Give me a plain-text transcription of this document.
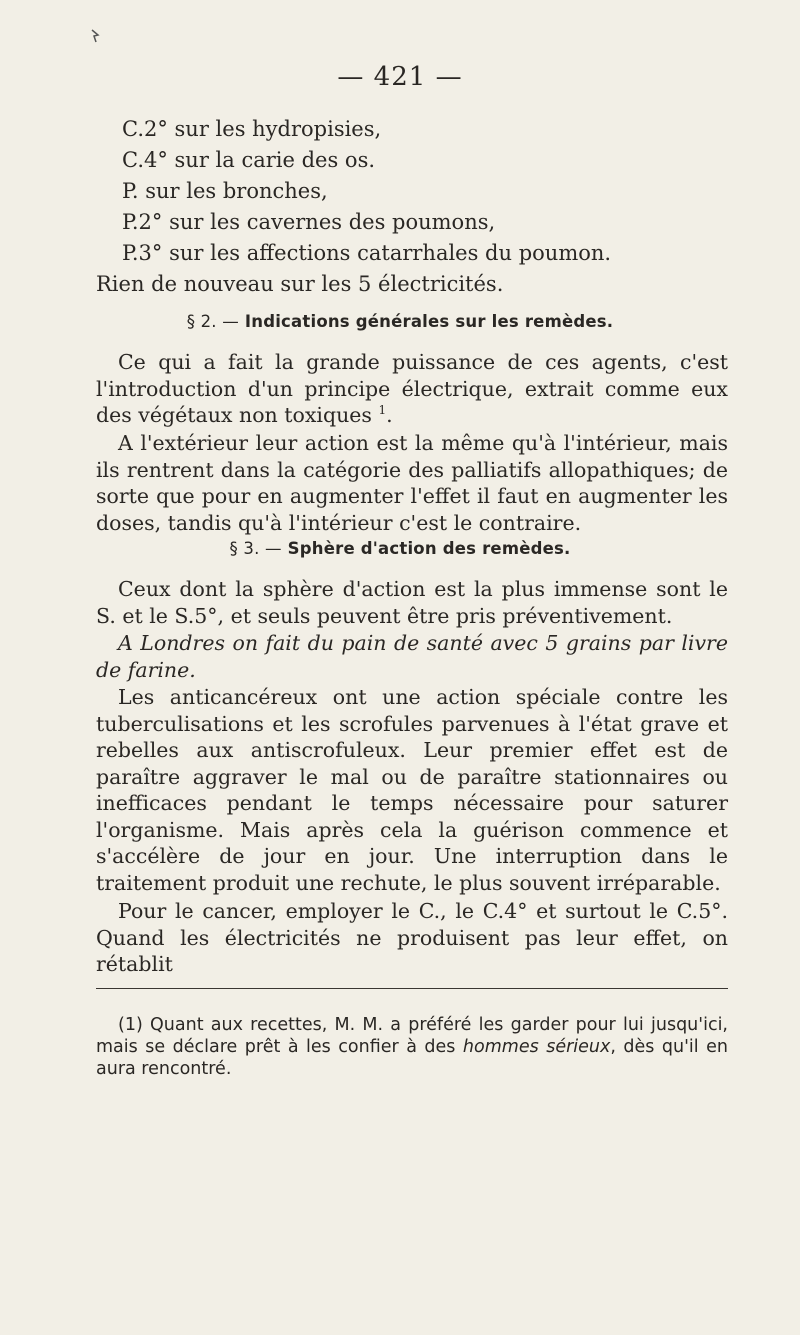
— 421 —
C.2° sur les hydropisies,
C.4° sur la carie des os.
P. sur les bronches,
P.2° sur les cavernes des poumons,
P.3° sur les affections catarrhales du poumon.
Rien de nouveau sur les 5 électricités.
§ 2. — Indications générales sur les remèdes.
Ce qui a fait la grande puissance de ces agents, c'est l'introduction d'un principe électrique, extrait comme eux des végétaux non toxiques $^1$.
A l'extérieur leur action est la même qu'à l'intérieur, mais ils rentrent dans la catégorie des palliatifs allopathiques; de sorte que pour en augmenter l'effet il faut en augmenter les doses, tandis qu'à l'intérieur c'est le contraire.
§ 3. — Sphère d'action des remèdes.
Ceux dont la sphère d'action est la plus immense sont le S. et le S.5°, et seuls peuvent être pris préventivement.
A Londres on fait du pain de santé avec 5 grains par livre de farine.
Les anticancéreux ont une action spéciale contre les tuberculisations et les scrofules parvenues à l'état grave et rebelles aux antiscrofuleux. Leur premier effet est de paraître aggraver le mal ou de paraître stationnaires ou inefficaces pendant le temps nécessaire pour saturer l'organisme. Mais après cela la guérison commence et s'accélère de jour en jour. Une interruption dans le traitement produit une rechute, le plus souvent irréparable.
Pour le cancer, employer le C., le C.4° et surtout le C.5°. Quand les électricités ne produisent pas leur effet, on rétablit
(1) Quant aux recettes, M. M. a préféré les garder pour lui jusqu'ici, mais se déclare prêt à les confier à des hommes sérieux, dès qu'il en aura rencontré.
